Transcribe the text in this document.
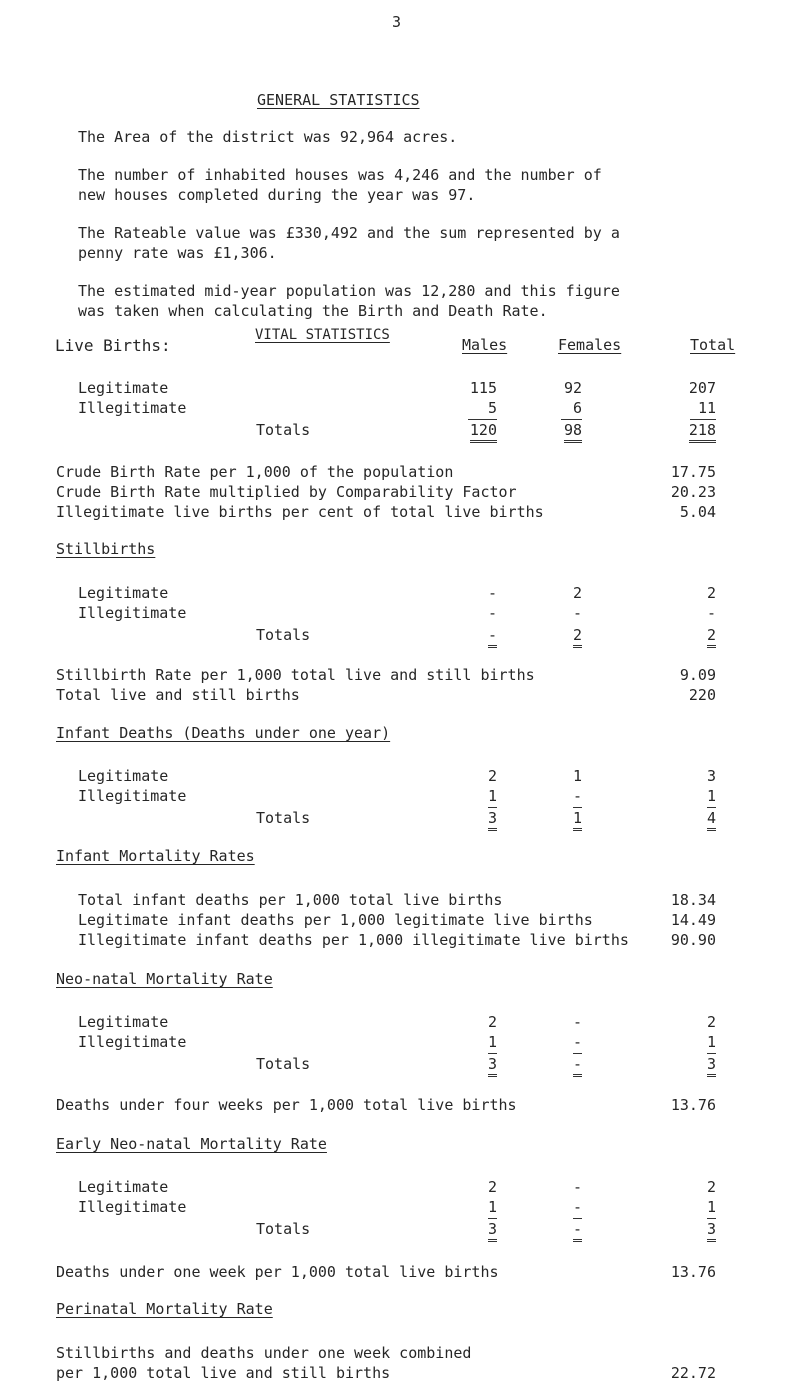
3
GENERAL STATISTICS
The Area of the district was 92,964 acres.
The number of inhabited houses was 4,246 and the number of
new houses completed during the year was 97.
The Rateable value was £330,492 and the sum represented by a
penny rate was £1,306.
The estimated mid-year population was 12,280 and this figure
was taken when calculating the Birth and Death Rate.
Live Births:
VITAL STATISTICS
Males	Females	Total
Legitimate	115	92	207
Illegitimate	5	6	11
Totals	120	98	218
Crude Birth Rate per 1,000 of the population	17.75
Crude Birth Rate multiplied by Comparability Factor	20.23
Illegitimate live births per cent of total live births	5.04
Stillbirths
Legitimate	-	2	2
Illegitimate	-	-	-
Totals	-	2	2
Stillbirth Rate per 1,000 total live and still births	9.09
Total live and still births	220
Infant Deaths (Deaths under one year)
Legitimate	2	1	3
Illegitimate	1	-	1
Totals	3	1	4
Infant Mortality Rates
Total infant deaths per 1,000 total live births	18.34
Legitimate infant deaths per 1,000 legitimate live births	14.49
Illegitimate infant deaths per 1,000 illegitimate live births	90.90
Neo-natal Mortality Rate
Legitimate	2	-	2
Illegitimate	1	-	1
Totals	3	-	3
Deaths under four weeks per 1,000 total live births	13.76
Early Neo-natal Mortality Rate
Legitimate	2	-	2
Illegitimate	1	-	1
Totals	3	-	3
Deaths under one week per 1,000 total live births	13.76
Perinatal Mortality Rate
Stillbirths and deaths under one week combined
per 1,000 total live and still births	22.72
